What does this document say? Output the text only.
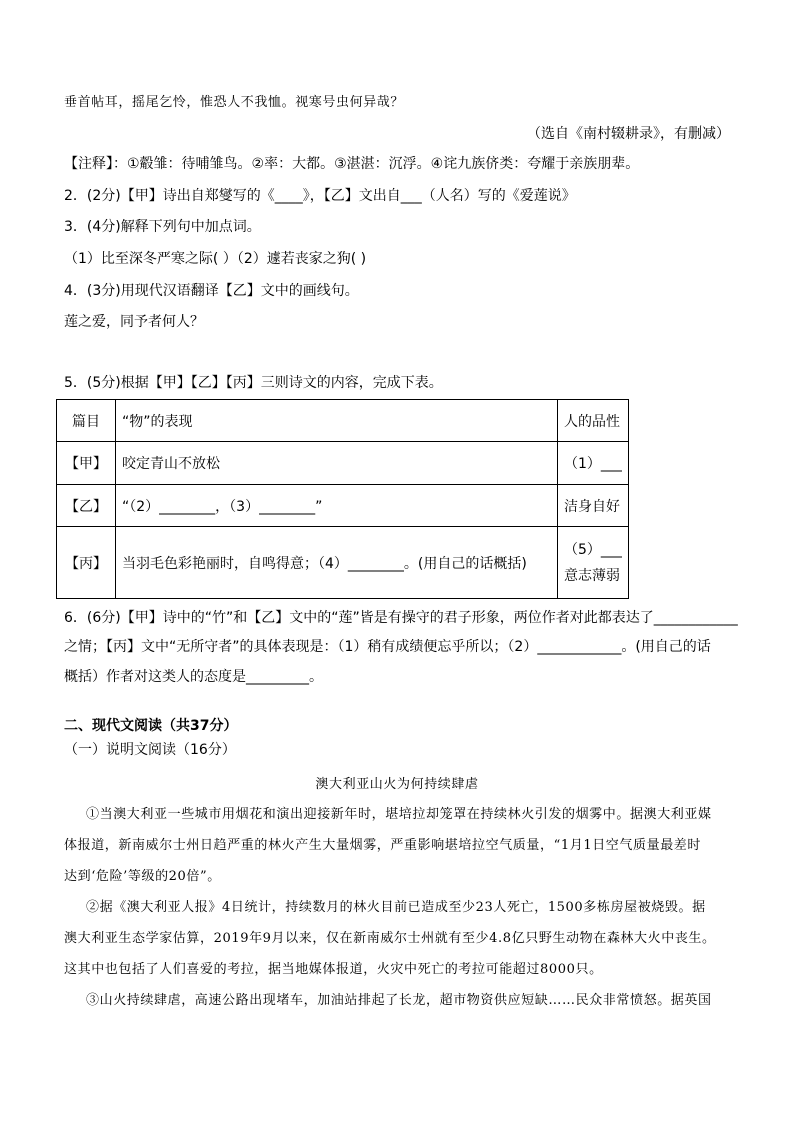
垂首帖耳，摇尾乞怜，惟恐人不我恤。视寒号虫何异哉？
（选自《南村辍耕录》，有删减）
【注释】：①觳雏：待哺雏鸟。②率：大都。③湛湛：沉浮。④诧九族侪类：夸耀于亲族朋辈。
2．(2分)【甲】诗出自郑燮写的《____》，【乙】文出自___（人名）写的《爱莲说》
3．(4分)解释下列句中加点词。
（1）比至深冬严寒之际( ）（2）遽若丧家之狗( )
4．(3分)用现代汉语翻译【乙】文中的画线句。
莲之爱，同予者何人？
5．(5分)根据【甲】【乙】【丙】三则诗文的内容，完成下表。
篇目	“物”的表现	人的品性
【甲】	咬定青山不放松	（1）___
【乙】	“（2）________，（3）________”	洁身自好
【丙】	当羽毛色彩艳丽时，自鸣得意；（4）________。(用自己的话概括)	（5）___
意志薄弱
6．(6分)【甲】诗中的“竹”和【乙】文中的“莲”皆是有操守的君子形象，两位作者对此都表达了____________
之情；【丙】文中“无所守者”的具体表现是：（1）稍有成绩便忘乎所以；（2）____________。(用自己的话
概括）作者对这类人的态度是_________。
二、现代文阅读（共37分）
（一）说明文阅读（16分）
澳大利亚山火为何持续肆虐
①当澳大利亚一些城市用烟花和演出迎接新年时，堪培拉却笼罩在持续林火引发的烟雾中。据澳大利亚媒
体报道，新南威尔士州日趋严重的林火产生大量烟雾，严重影响堪培拉空气质量，“1月1日空气质量最差时
达到‘危险’等级的20倍”。
②据《澳大利亚人报》4日统计，持续数月的林火目前已造成至少23人死亡，1500多栋房屋被烧毁。据
澳大利亚生态学家估算，2019年9月以来，仅在新南威尔士州就有至少4.8亿只野生动物在森林大火中丧生。
这其中也包括了人们喜爱的考拉，据当地媒体报道，火灾中死亡的考拉可能超过8000只。
③山火持续肆虐，高速公路出现堵车，加油站排起了长龙，超市物资供应短缺……民众非常愤怒。据英国
